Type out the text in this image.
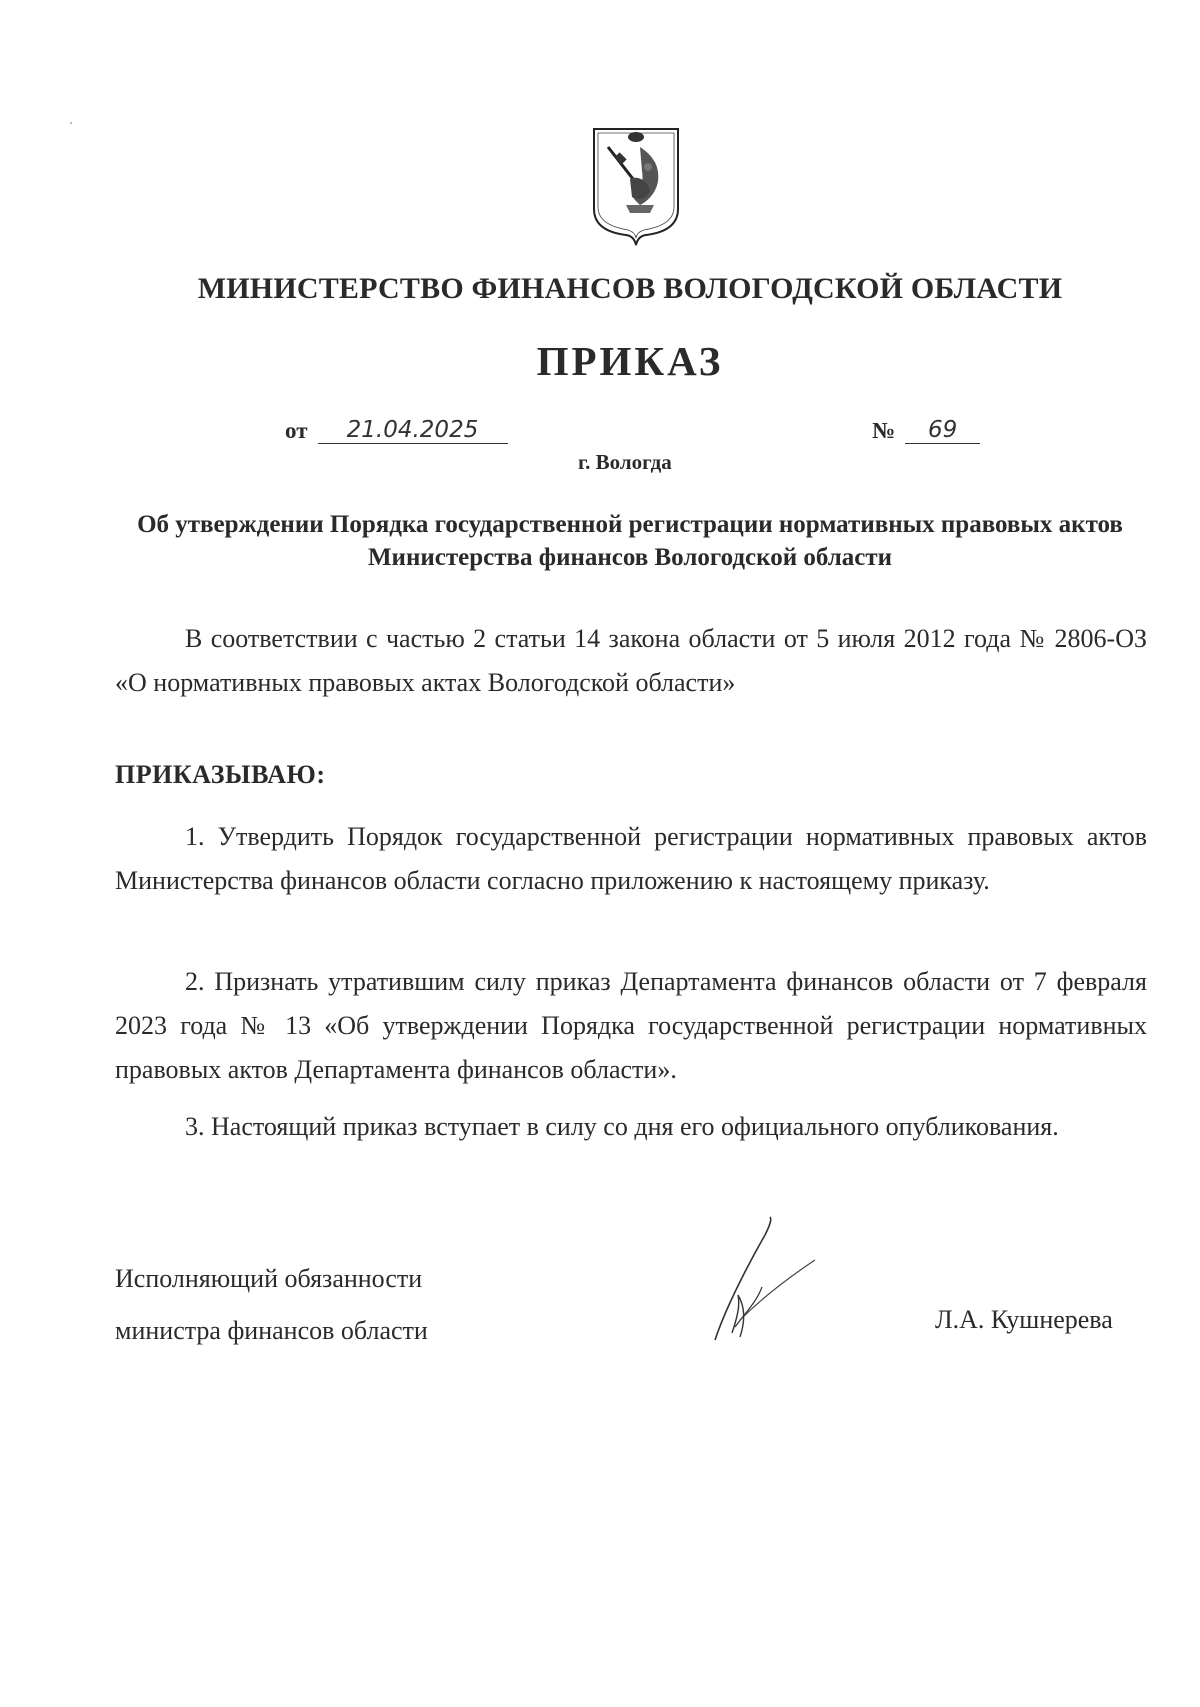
МИНИСТЕРСТВО ФИНАНСОВ ВОЛОГОДСКОЙ ОБЛАСТИ
ПРИКАЗ
от	21.04.2025	№	69
г. Вологда
Об утверждении Порядка государственной регистрации нормативных правовых актов Министерства финансов Вологодской области
В соответствии с частью 2 статьи 14 закона области от 5 июля 2012 года № 2806-ОЗ «О нормативных правовых актах Вологодской области»
ПРИКАЗЫВАЮ:
1. Утвердить Порядок государственной регистрации нормативных правовых актов Министерства финансов области согласно приложению к настоящему приказу.
2. Признать утратившим силу приказ Департамента финансов области от 7 февраля 2023 года № 13 «Об утверждении Порядка государственной регистрации нормативных правовых актов Департамента финансов области».
3. Настоящий приказ вступает в силу со дня его официального опубликования.
Исполняющий обязанности
министра финансов области	Л.А. Кушнерева
